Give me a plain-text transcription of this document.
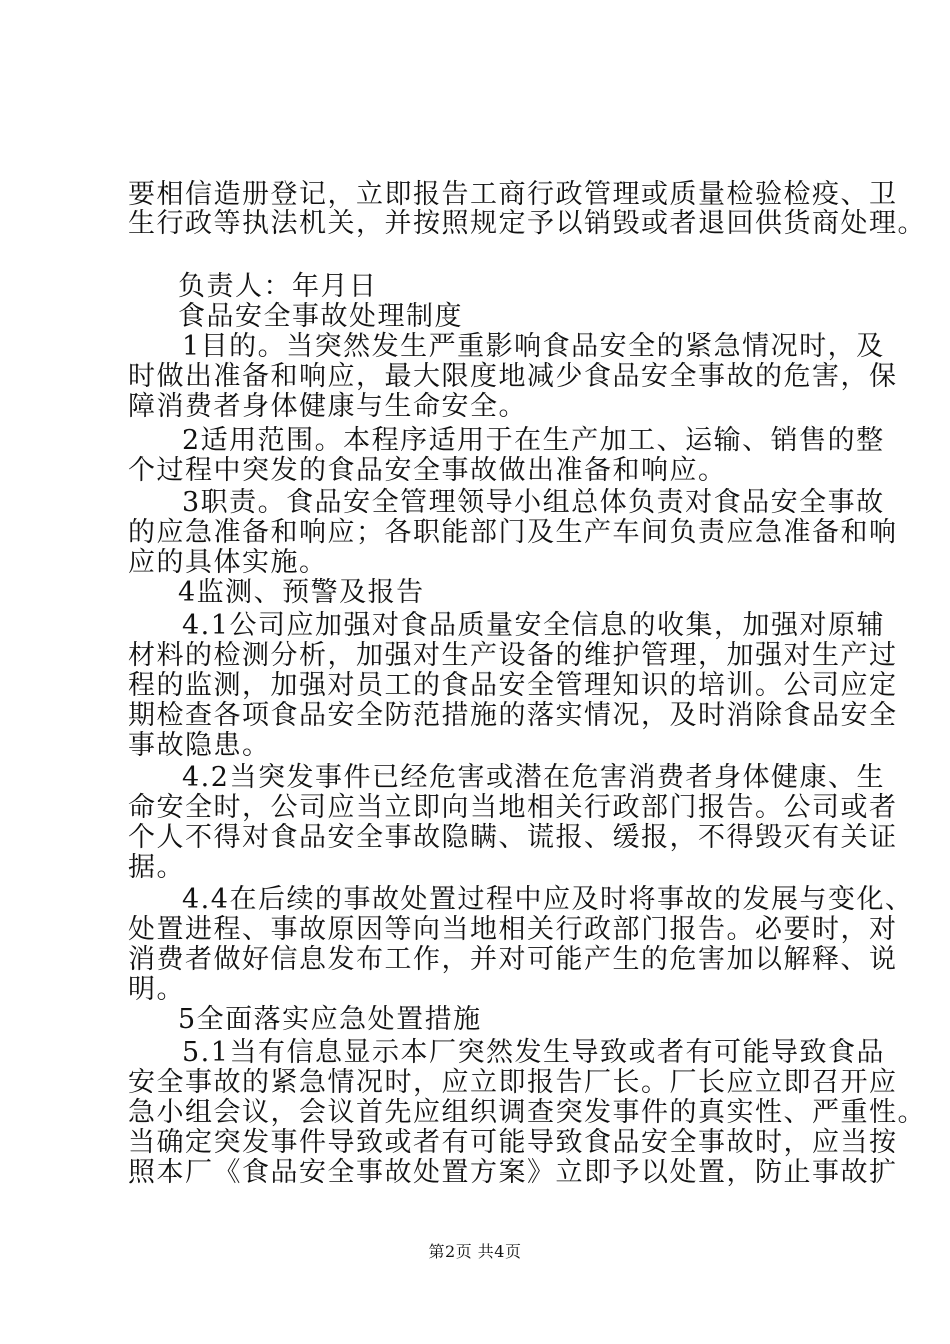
要相信造册登记，立即报告工商行政管理或质量检验检疫、卫
生行政等执法机关，并按照规定予以销毁或者退回供货商处理。
负责人：年月日
食品安全事故处理制度
1目的。当突然发生严重影响食品安全的紧急情况时，及
时做出准备和响应，最大限度地减少食品安全事故的危害，保
障消费者身体健康与生命安全。
2适用范围。本程序适用于在生产加工、运输、销售的整
个过程中突发的食品安全事故做出准备和响应。
3职责。食品安全管理领导小组总体负责对食品安全事故
的应急准备和响应；各职能部门及生产车间负责应急准备和响
应的具体实施。
4监测、预警及报告
4.1公司应加强对食品质量安全信息的收集，加强对原辅
材料的检测分析，加强对生产设备的维护管理，加强对生产过
程的监测，加强对员工的食品安全管理知识的培训。公司应定
期检查各项食品安全防范措施的落实情况，及时消除食品安全
事故隐患。
4.2当突发事件已经危害或潜在危害消费者身体健康、生
命安全时，公司应当立即向当地相关行政部门报告。公司或者
个人不得对食品安全事故隐瞒、谎报、缓报，不得毁灭有关证
据。
4.4在后续的事故处置过程中应及时将事故的发展与变化、
处置进程、事故原因等向当地相关行政部门报告。必要时，对
消费者做好信息发布工作，并对可能产生的危害加以解释、说
明。
5全面落实应急处置措施
5.1当有信息显示本厂突然发生导致或者有可能导致食品
安全事故的紧急情况时，应立即报告厂长。厂长应立即召开应
急小组会议，会议首先应组织调查突发事件的真实性、严重性。
当确定突发事件导致或者有可能导致食品安全事故时，应当按
照本厂《食品安全事故处置方案》立即予以处置，防止事故扩
第2页 共4页
